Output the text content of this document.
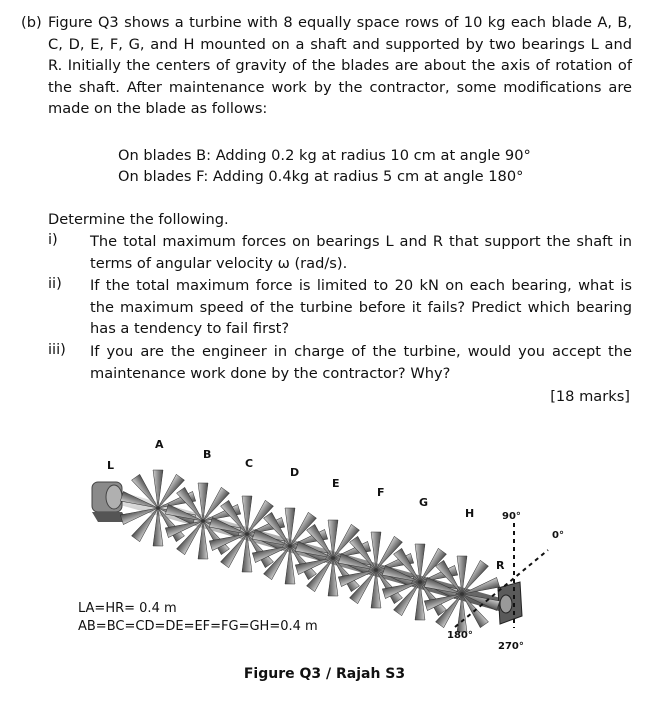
(b) Figure Q3 shows a turbine with 8 equally space rows of 10 kg each blade A, B, C, D, E, F, G, and H mounted on a shaft and supported by two bearings L and R. Initially the centers of gravity of the blades are about the axis of rotation of the shaft. After maintenance work by the contractor, some modifications are made on the blade as follows:
On blades B: Adding 0.2 kg at radius 10 cm at angle 90°
On blades F: Adding 0.4kg at radius 5 cm at angle 180°
Determine the following.
i) The total maximum forces on bearings L and R that support the shaft in terms of angular velocity ω (rad/s).
ii) If the total maximum force is limited to 20 kN on each bearing, what is the maximum speed of the turbine before it fails? Predict which bearing has a tendency to fail first?
iii) If you are the engineer in charge of the turbine, would you accept the maintenance work done by the contractor? Why?
[18 marks]
A
B
C
D
E
F
G
H
L
R
90°
0°
180°
270°
LA=HR= 0.4 m
AB=BC=CD=DE=EF=FG=GH=0.4 m
Figure Q3 / Rajah S3
